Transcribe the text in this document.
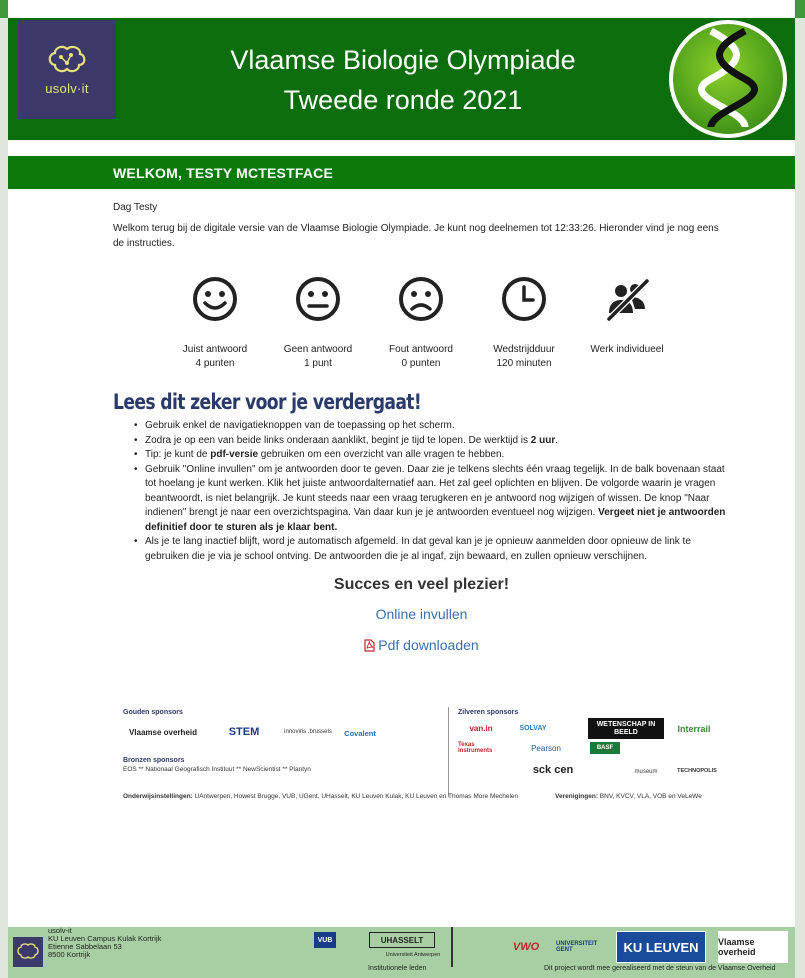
usolv·it
Vlaamse Biologie Olympiade
Tweede ronde 2021
WELKOM, TESTY MCTESTFACE

Dag Testy

Welkom terug bij de digitale versie van de Vlaamse Biologie Olympiade. Je kunt nog deelnemen tot 12:33:26. Hieronder vind je nog eens de instructies.

Juist antwoord
4 punten
Geen antwoord
1 punt
Fout antwoord
0 punten
Wedstrijdduur
120 minuten
Werk individueel
Lees dit zeker voor je verdergaat!
• Gebruik enkel de navigatieknoppen van de toepassing op het scherm.
• Zodra je op een van beide links onderaan aanklikt, begint je tijd te lopen. De werktijd is 2 uur.
• Tip: je kunt de pdf-versie gebruiken om een overzicht van alle vragen te hebben.
• Gebruik "Online invullen" om je antwoorden door te geven. Daar zie je telkens slechts één vraag tegelijk. In de balk bovenaan staat tot hoelang je kunt werken. Klik het juiste antwoordalternatief aan. Het zal geel oplichten en blijven. De volgorde waarin je vragen beantwoordt, is niet belangrijk. Je kunt steeds naar een vraag terugkeren en je antwoord nog wijzigen of wissen. De knop "Naar indienen" brengt je naar een overzichtspagina. Van daar kun je je antwoorden eventueel nog wijzigen. Vergeet niet je antwoorden definitief door te sturen als je klaar bent.
• Als je te lang inactief blijft, word je automatisch afgemeld. In dat geval kan je je opnieuw aanmelden door opnieuw de link te gebruiken die je via je school ontving. De antwoorden die je al ingaf, zijn bewaard, en zullen opnieuw verschijnen.
Succes en veel plezier!
Online invullen
Pdf downloaden
Gouden sponsors
Vlaamse overheid	STEM	innoviris .brussels	Covalent
Bronzen sponsors
EOS ** Nationaal Geografisch Instituut ** NewScientist ** Plantyn
Zilveren sponsors
van.in	SOLVAY
WETENSCHAP IN BEELD	Interrail
Texas Instruments	Pearson	BASF
sck cen	museum	TECHNOPOLIS
Onderwijsinstellingen: UAntwerpen, Howest Brugge, VUB, UGent, UHasselt, KU Leuven Kulak, KU Leuven en Thomas More Mechelen	Verenigingen: BNV, KVCV, VLA, VOB en VeLeWe
usolv-it
KU Leuven Campus Kulak Kortrijk
Etienne Sabbelaan 53
8500 Kortrijk
VUB	UHASSELT
Universiteit Antwerpen
Institutionele leden
VWO	UNIVERSITEIT GENT	KU LEUVEN	Vlaamse overheid
Dit project wordt mee gerealiseerd met de steun van de Vlaamse Overheid
